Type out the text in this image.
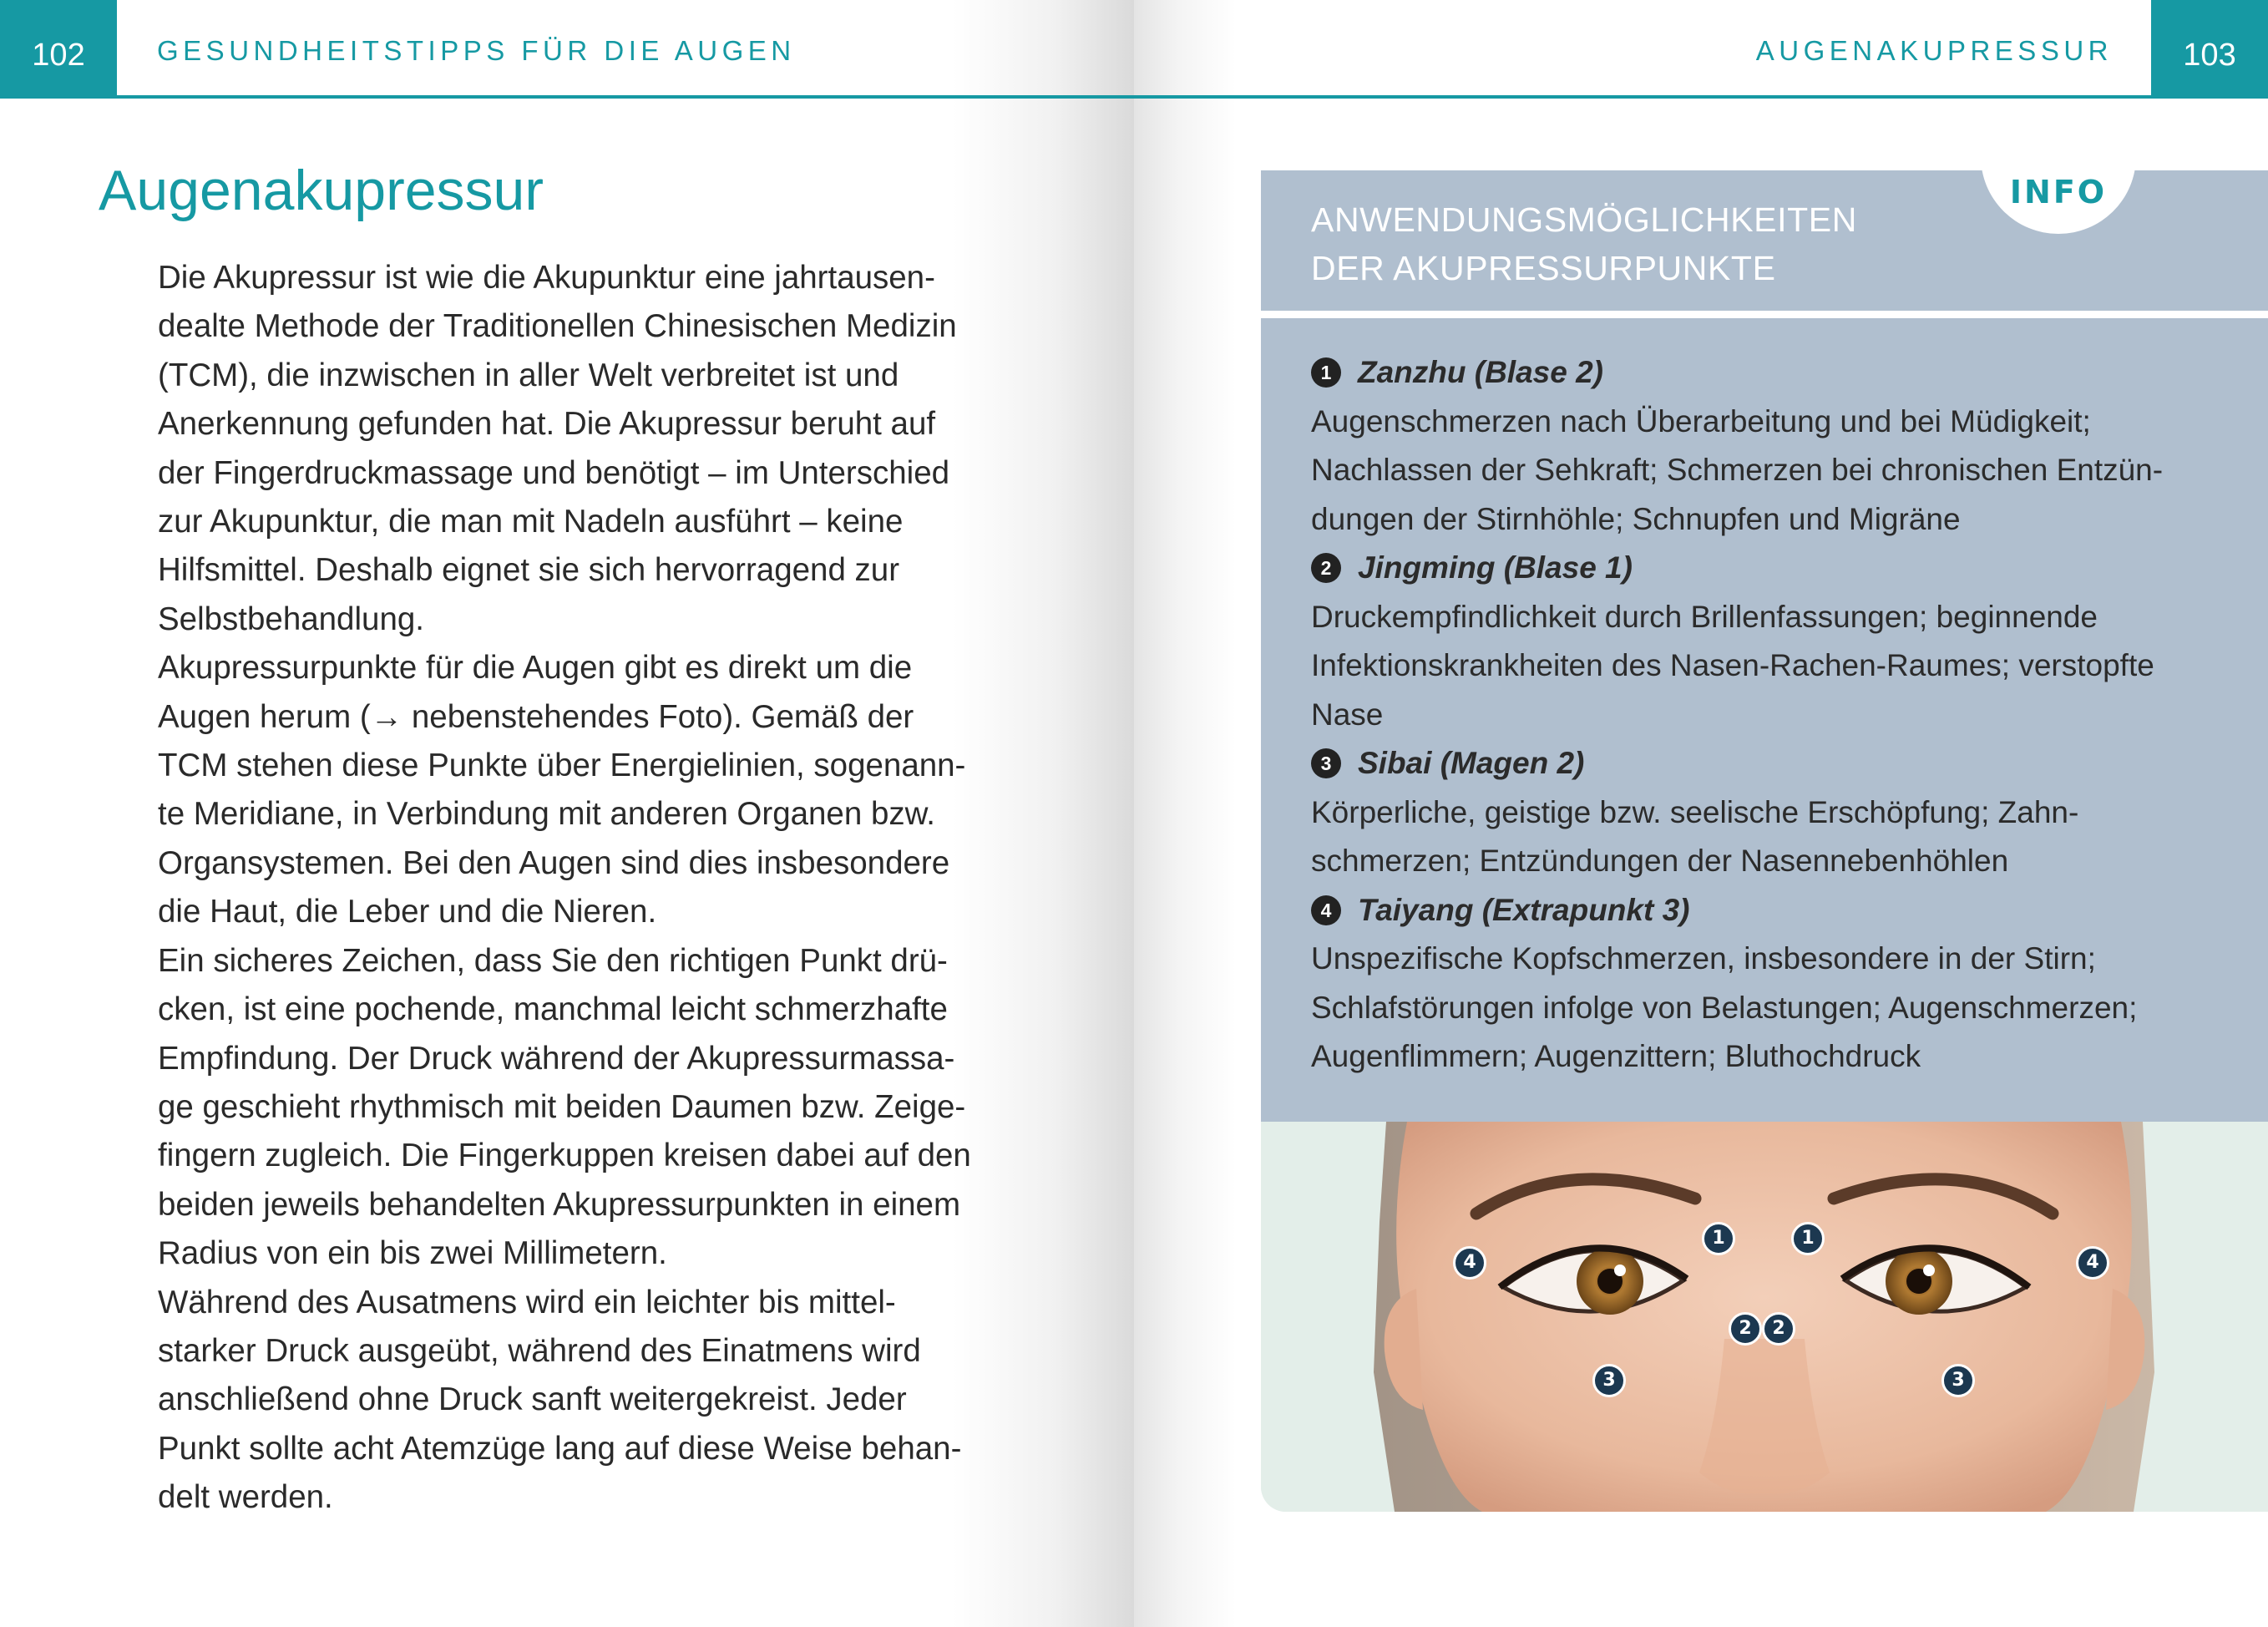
102	GESUNDHEITSTIPPS FÜR DIE AUGEN
Augenakupressur
Die Akupressur ist wie die Akupunktur eine jahrtausen-
dealte Methode der Traditionellen Chinesischen Medizin
(TCM), die inzwischen in aller Welt verbreitet ist und
Anerkennung gefunden hat. Die Akupressur beruht auf
der Fingerdruckmassage und benötigt – im Unterschied
zur Akupunktur, die man mit Nadeln ausführt – keine
Hilfsmittel. Deshalb eignet sie sich hervorragend zur
Selbstbehandlung.
Akupressurpunkte für die Augen gibt es direkt um die
Augen herum (→ nebenstehendes Foto). Gemäß der
TCM stehen diese Punkte über Energielinien, sogenann-
te Meridiane, in Verbindung mit anderen Organen bzw.
Organsystemen. Bei den Augen sind dies insbesondere
die Haut, die Leber und die Nieren.
Ein sicheres Zeichen, dass Sie den richtigen Punkt drü-
cken, ist eine pochende, manchmal leicht schmerzhafte
Empfindung. Der Druck während der Akupressurmassa-
ge geschieht rhythmisch mit beiden Daumen bzw. Zeige-
fingern zugleich. Die Fingerkuppen kreisen dabei auf den
beiden jeweils behandelten Akupressurpunkten in einem
Radius von ein bis zwei Millimetern.
Während des Ausatmens wird ein leichter bis mittel-
starker Druck ausgeübt, während des Einatmens wird
anschließend ohne Druck sanft weitergekreist. Jeder
Punkt sollte acht Atemzüge lang auf diese Weise behan-
delt werden.
AUGENAKUPRESSUR	103
ANWENDUNGSMÖGLICHKEITEN
DER AKUPRESSURPUNKTE
INFO
1 Zanzhu (Blase 2)
Augenschmerzen nach Überarbeitung und bei Müdigkeit;
Nachlassen der Sehkraft; Schmerzen bei chronischen Entzün-
dungen der Stirnhöhle; Schnupfen und Migräne
2 Jingming (Blase 1)
Druckempfindlichkeit durch Brillenfassungen; beginnende
Infektionskrankheiten des Nasen-Rachen-Raumes; verstopfte
Nase
3 Sibai (Magen 2)
Körperliche, geistige bzw. seelische Erschöpfung; Zahn-
schmerzen; Entzündungen der Nasennebenhöhlen
4 Taiyang (Extrapunkt 3)
Unspezifische Kopfschmerzen, insbesondere in der Stirn;
Schlafstörungen infolge von Belastungen; Augenschmerzen;
Augenflimmern; Augenzittern; Bluthochdruck
1	1
2	2
3	3
4	4
